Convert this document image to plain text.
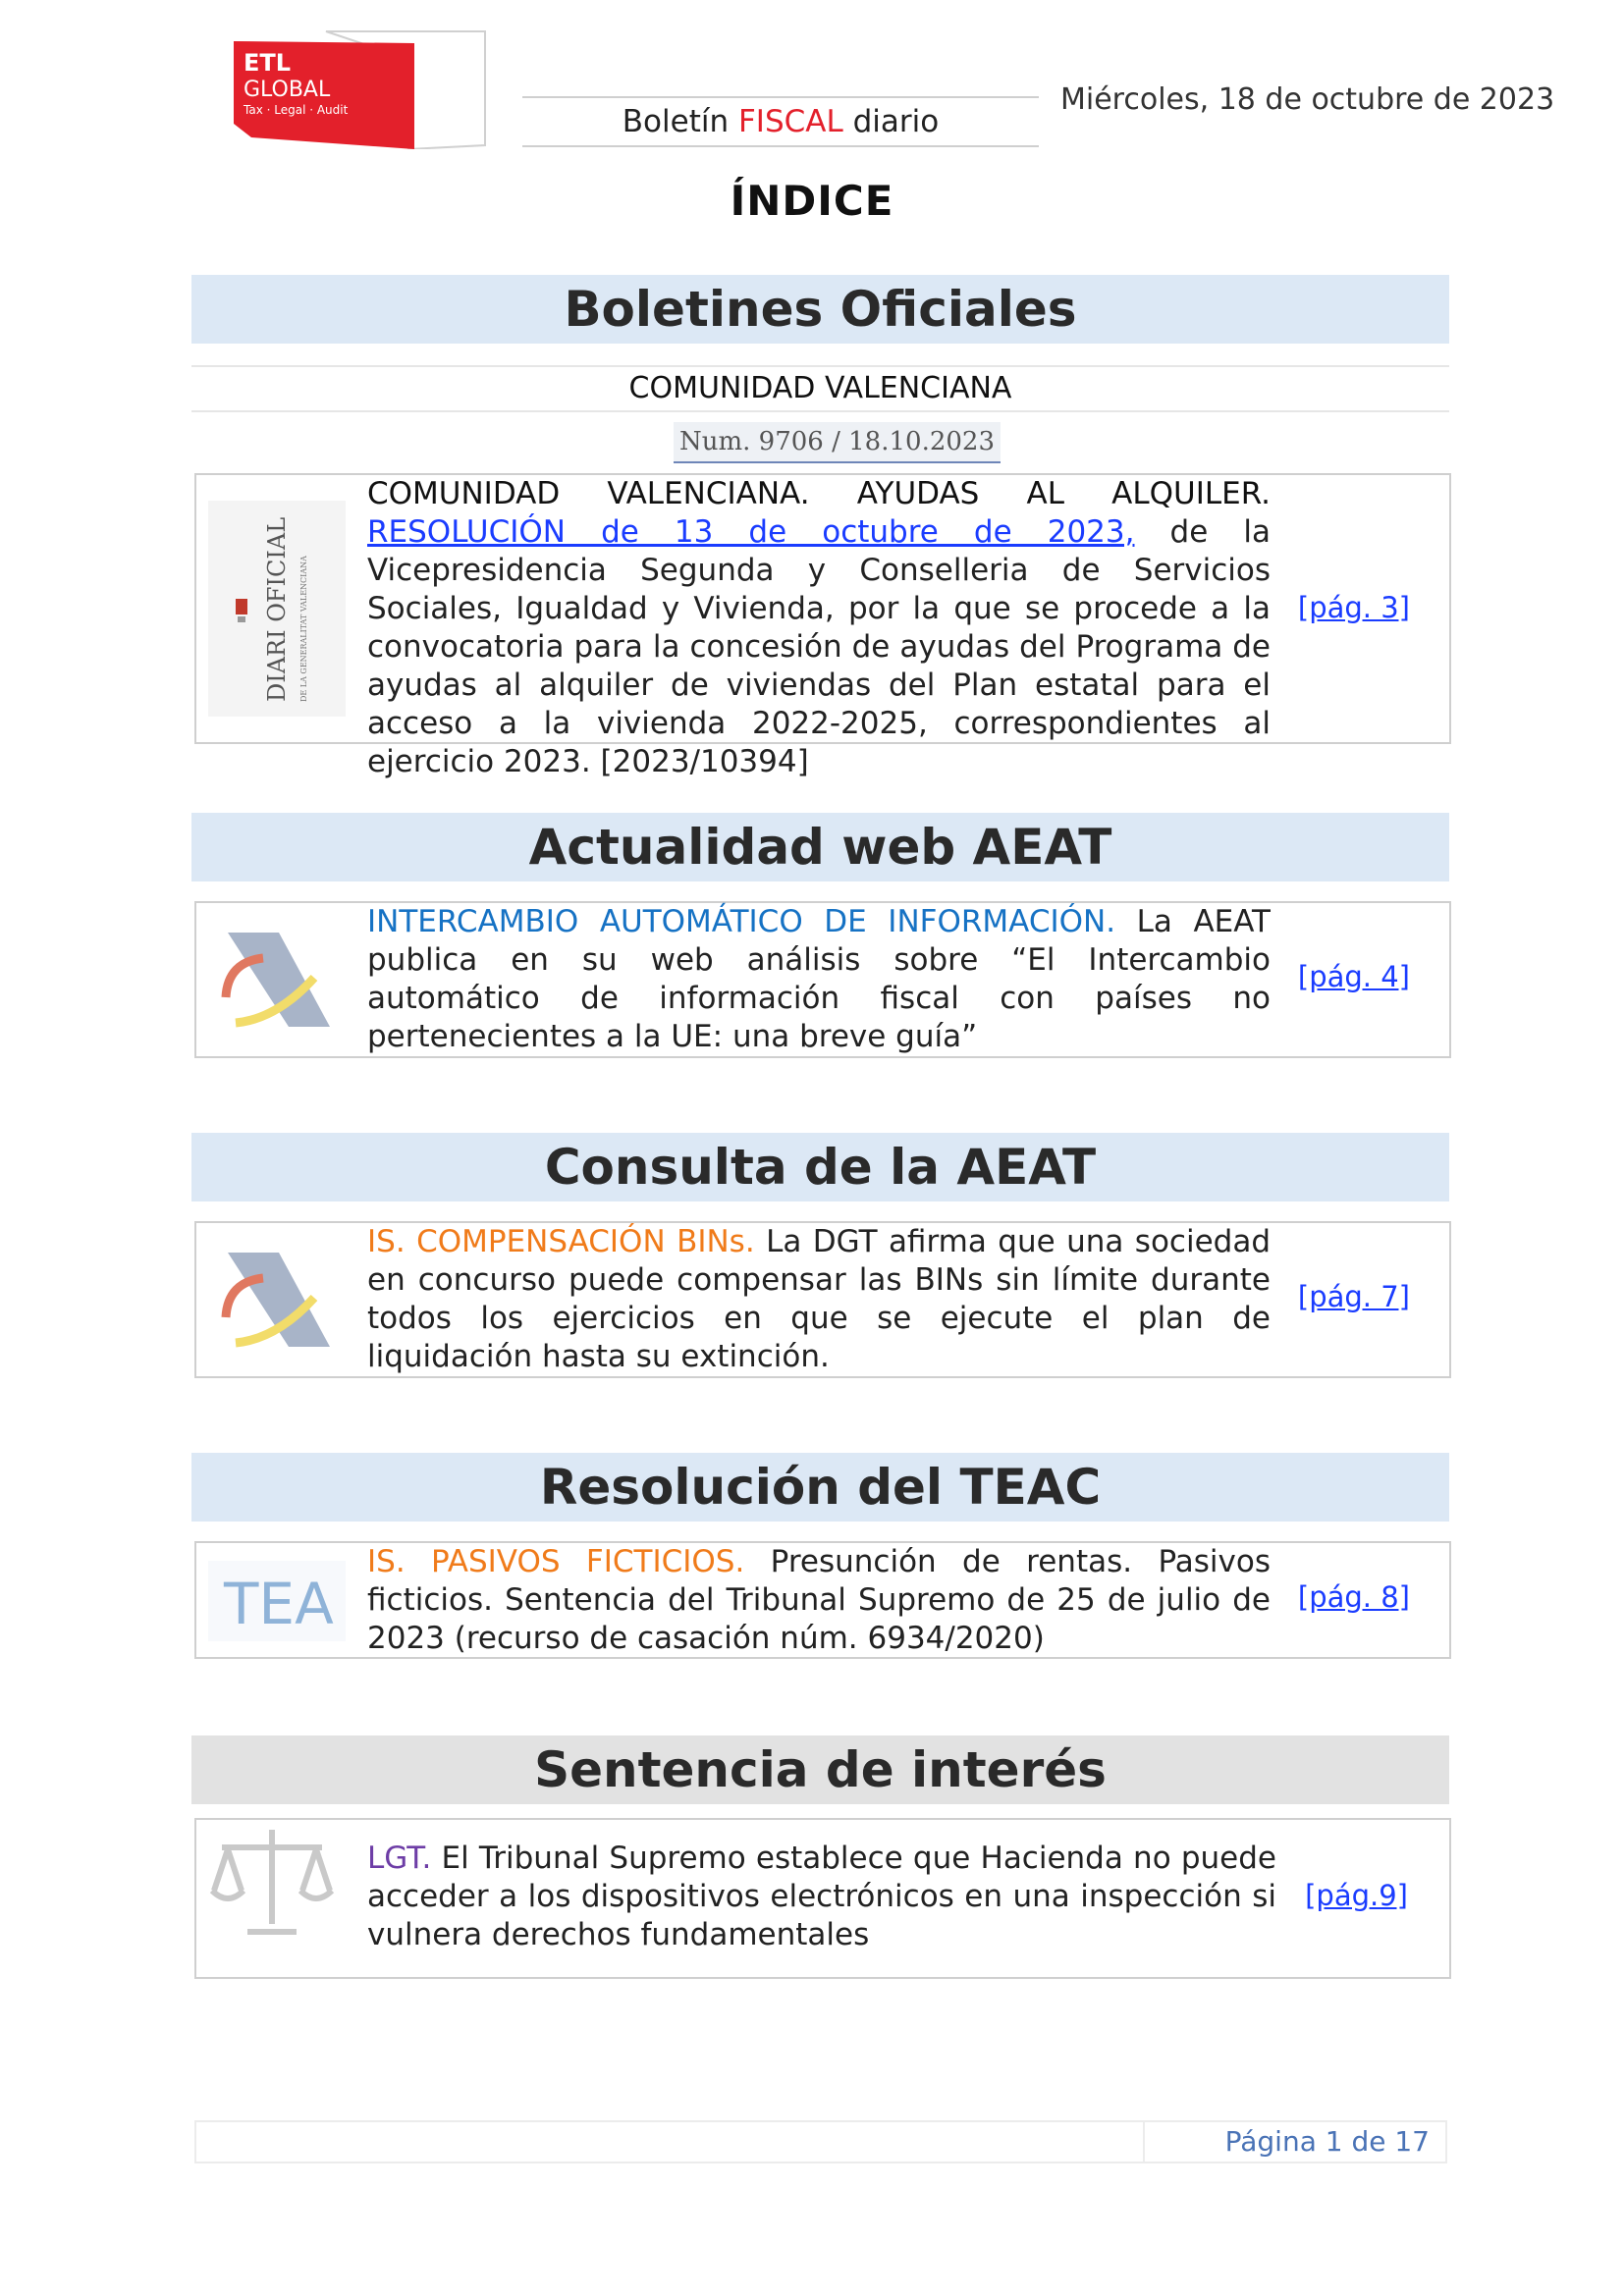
ETL
GLOBAL
Tax · Legal · Audit	Boletín FISCAL diario
Miércoles, 18 de octubre de 2023
ÍNDICE
Boletines Oficiales
COMUNIDAD VALENCIANA
Num. 9706 / 18.10.2023
DIARI OFICIAL DE LA GENERALITAT VALENCIANA
COMUNIDAD VALENCIANA. AYUDAS AL ALQUILER. RESOLUCIÓN de 13 de octubre de 2023, de la Vicepresidencia Segunda y Conselleria de Servicios Sociales, Igualdad y Vivienda, por la que se procede a la convocatoria para la concesión de ayudas del Programa de ayudas al alquiler de viviendas del Plan estatal para el acceso a la vivienda 2022-2025, correspondientes al ejercicio 2023. [2023/10394]
[pág. 3]
Actualidad web AEAT
INTERCAMBIO AUTOMÁTICO DE INFORMACIÓN. La AEAT publica en su web análisis sobre “El Intercambio automático de información fiscal con países no pertenecientes a la UE: una breve guía”
[pág. 4]
Consulta de la AEAT
IS. COMPENSACIÓN BINs. La DGT afirma que una sociedad en concurso puede compensar las BINs sin límite durante todos los ejercicios en que se ejecute el plan de liquidación hasta su extinción.
[pág. 7]
Resolución del TEAC
TEA
IS. PASIVOS FICTICIOS. Presunción de rentas. Pasivos ficticios. Sentencia del Tribunal Supremo de 25 de julio de 2023 (recurso de casación núm. 6934/2020)
[pág. 8]
Sentencia de interés
LGT. El Tribunal Supremo establece que Hacienda no puede acceder a los dispositivos electrónicos en una inspección si vulnera derechos fundamentales
[pág.9]
Página 1 de 17
